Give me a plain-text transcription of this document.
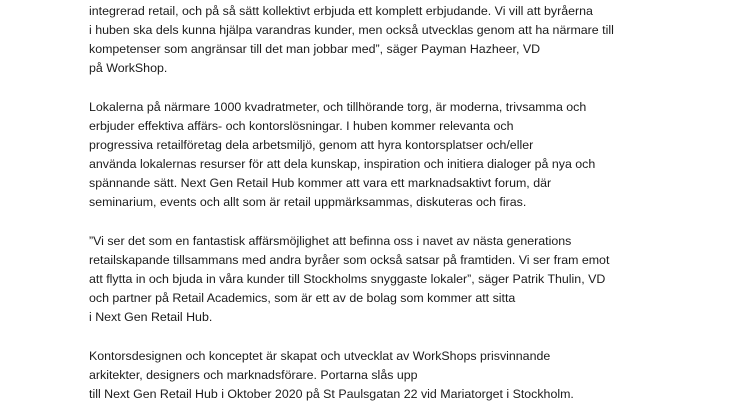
integrerad retail, och på så sätt kollektivt erbjuda ett komplett erbjudande. Vi vill att byråerna
i huben ska dels kunna hjälpa varandras kunder, men också utvecklas genom att ha närmare till
kompetenser som angränsar till det man jobbar med”, säger Payman Hazheer, VD
på WorkShop.
Lokalerna på närmare 1000 kvadratmeter, och tillhörande torg, är moderna, trivsamma och
erbjuder effektiva affärs- och kontorslösningar. I huben kommer relevanta och
progressiva retailföretag dela arbetsmiljö, genom att hyra kontorsplatser och/eller
använda lokalernas resurser för att dela kunskap, inspiration och initiera dialoger på nya och
spännande sätt. Next Gen Retail Hub kommer att vara ett marknadsaktivt forum, där
seminarium, events och allt som är retail uppmärksammas, diskuteras och firas.
”Vi ser det som en fantastisk affärsmöjlighet att befinna oss i navet av nästa generations
retailskapande tillsammans med andra byråer som också satsar på framtiden. Vi ser fram emot
att flytta in och bjuda in våra kunder till Stockholms snyggaste lokaler”, säger Patrik Thulin, VD
och partner på Retail Academics, som är ett av de bolag som kommer att sitta
i Next Gen Retail Hub.
Kontorsdesignen och konceptet är skapat och utvecklat av WorkShops prisvinnande
arkitekter, designers och marknadsförare. Portarna slås upp
till Next Gen Retail Hub i Oktober 2020 på St Paulsgatan 22 vid Mariatorget i Stockholm.
